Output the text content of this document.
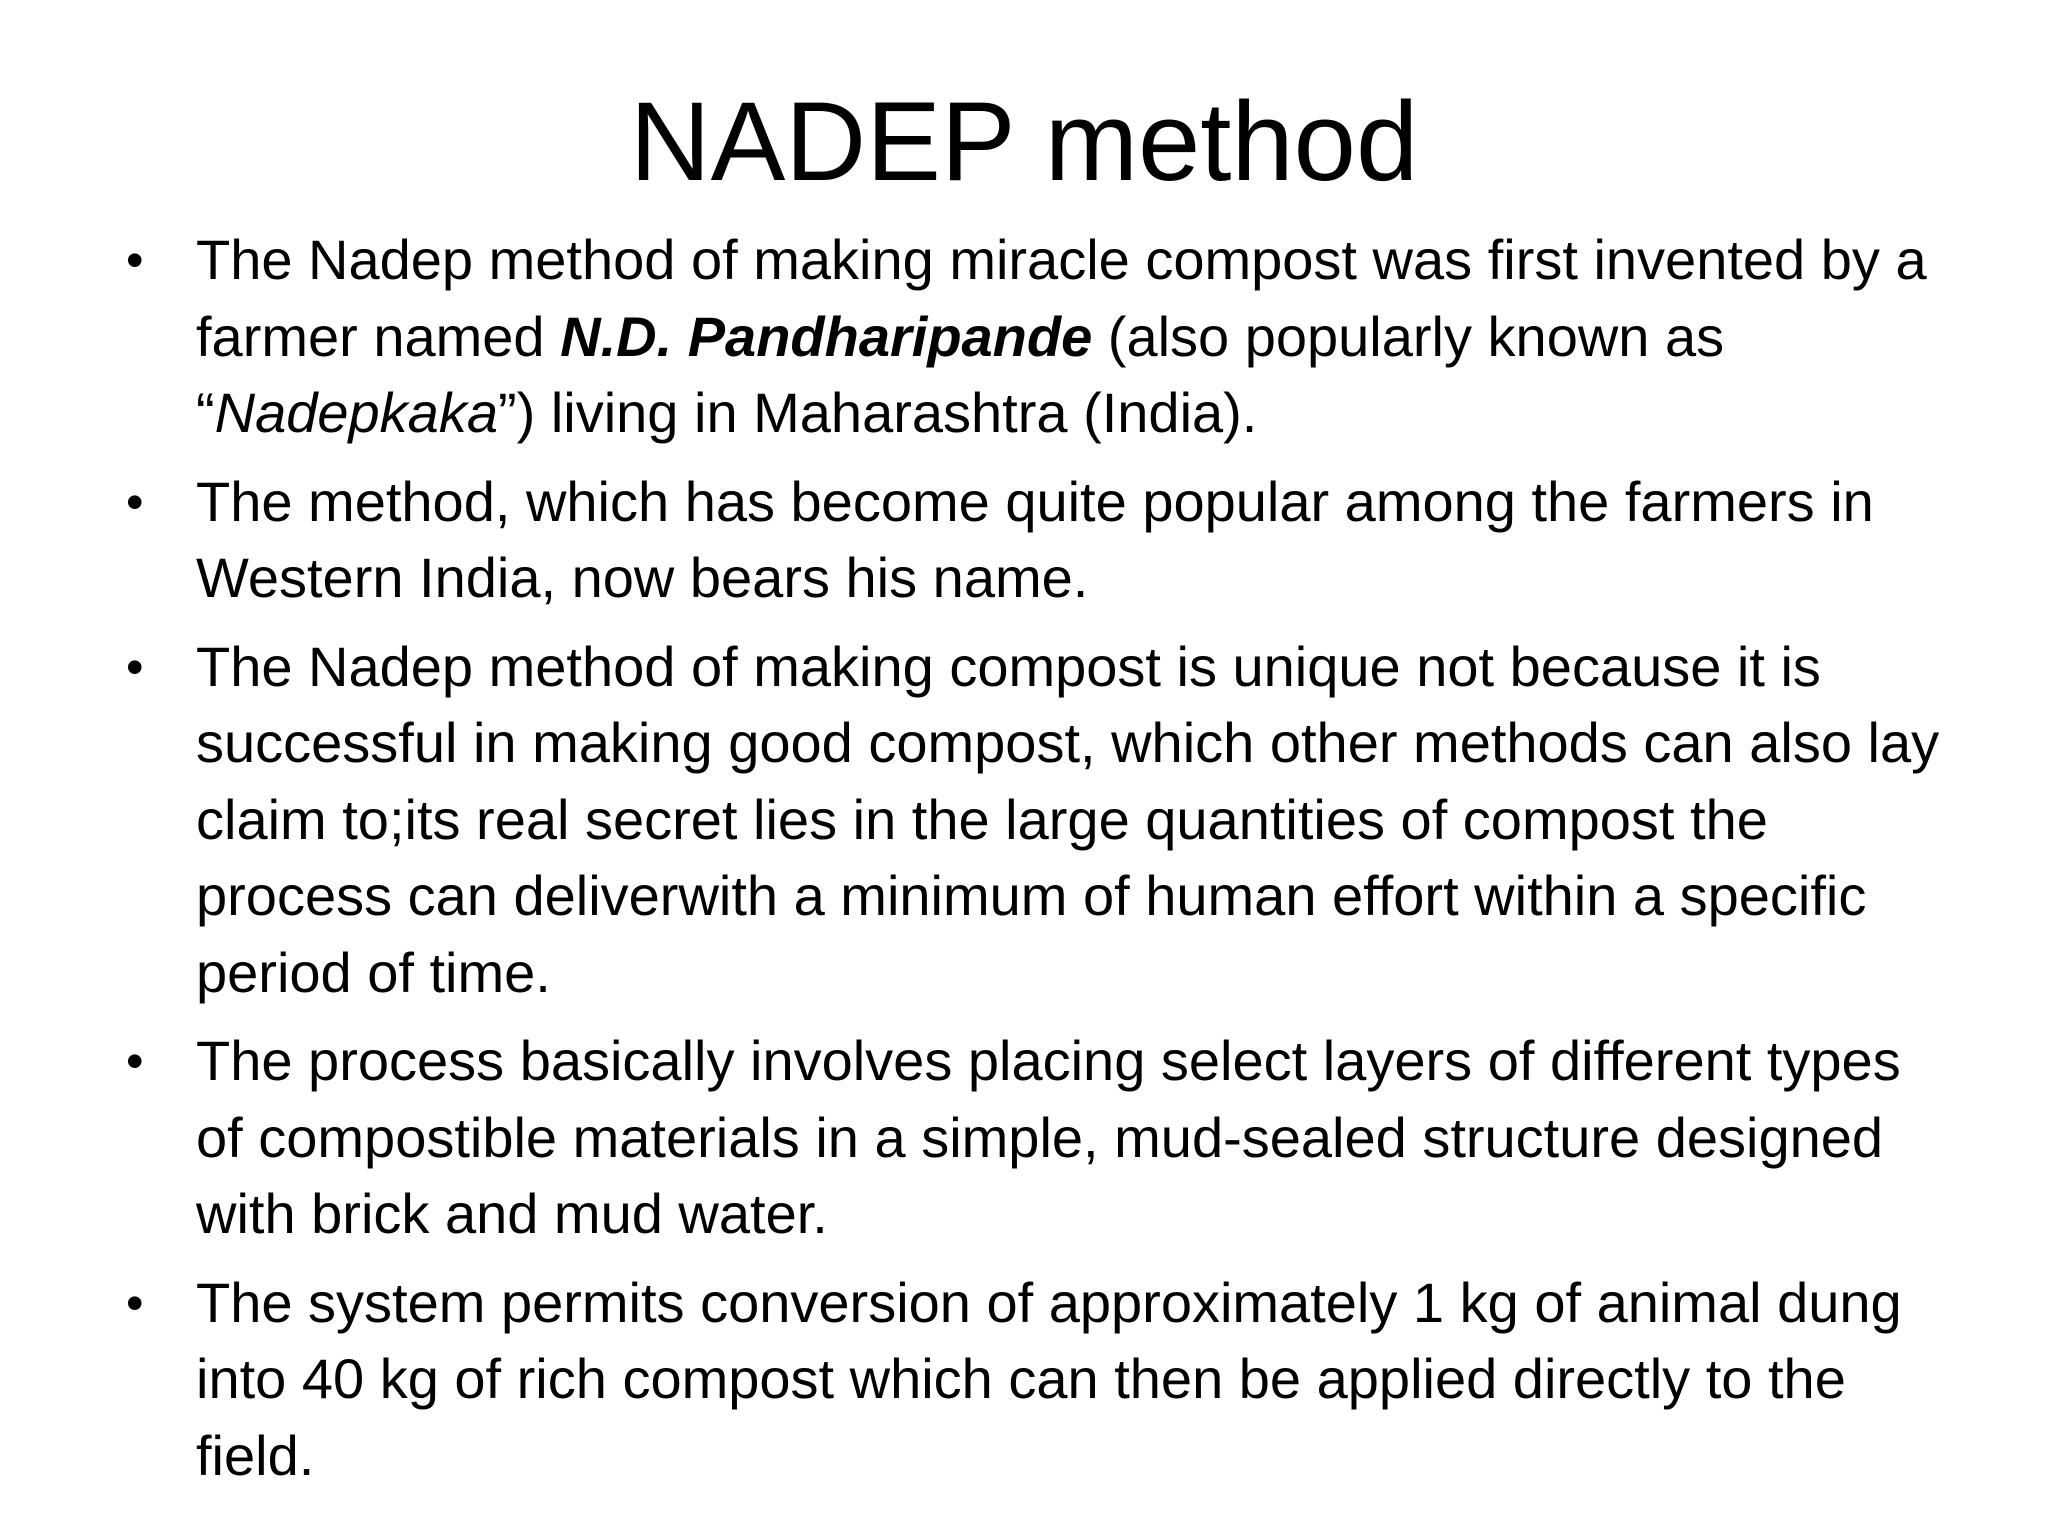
NADEP method
• The Nadep method of making miracle compost was first invented by a farmer named N.D. Pandharipande (also popularly known as “Nadepkaka”) living in Maharashtra (India).
• The method, which has become quite popular among the farmers in Western India, now bears his name.
• The Nadep method of making compost is unique not because it is successful in making good compost, which other methods can also lay claim to;its real secret lies in the large quantities of compost the process can deliverwith a minimum of human effort within a specific period of time.
• The process basically involves placing select layers of different types of compostible materials in a simple, mud-sealed structure designed with brick and mud water.
• The system permits conversion of approximately 1 kg of animal dung into 40 kg of rich compost which can then be applied directly to the field.
